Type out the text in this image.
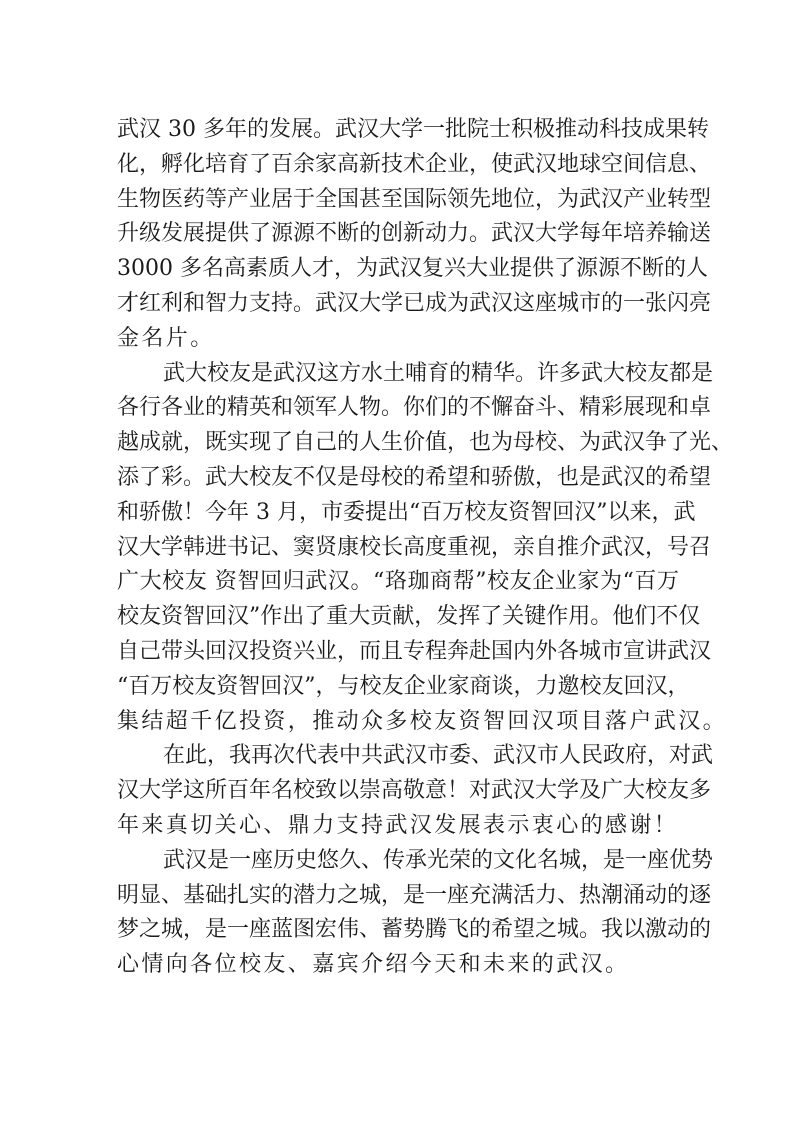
武汉 30 多年的发展。武汉大学一批院士积极推动科技成果转
化，孵化培育了百余家高新技术企业，使武汉地球空间信息、
生物医药等产业居于全国甚至国际领先地位，为武汉产业转型
升级发展提供了源源不断的创新动力。武汉大学每年培养输送
3000 多名高素质人才，为武汉复兴大业提供了源源不断的人
才红利和智力支持。武汉大学已成为武汉这座城市的一张闪亮
金名片。
武大校友是武汉这方水土哺育的精华。许多武大校友都是
各行各业的精英和领军人物。你们的不懈奋斗、精彩展现和卓
越成就，既实现了自己的人生价值，也为母校、为武汉争了光、
添了彩。武大校友不仅是母校的希望和骄傲，也是武汉的希望
和骄傲！今年 3 月，市委提出“百万校友资智回汉”以来，武
汉大学韩进书记、窦贤康校长高度重视，亲自推介武汉，号召
广大校友 资智回归武汉。“珞珈商帮”校友企业家为“百万
校友资智回汉”作出了重大贡献，发挥了关键作用。他们不仅
自己带头回汉投资兴业，而且专程奔赴国内外各城市宣讲武汉
“百万校友资智回汉”，与校友企业家商谈，力邀校友回汉，
集结超千亿投资，推动众多校友资智回汉项目落户武汉。
在此，我再次代表中共武汉市委、武汉市人民政府，对武
汉大学这所百年名校致以崇高敬意！对武汉大学及广大校友多
年来真切关心、鼎力支持武汉发展表示衷心的感谢！
武汉是一座历史悠久、传承光荣的文化名城，是一座优势
明显、基础扎实的潜力之城，是一座充满活力、热潮涌动的逐
梦之城，是一座蓝图宏伟、蓄势腾飞的希望之城。我以激动的
心情向各位校友、嘉宾介绍今天和未来的武汉。
